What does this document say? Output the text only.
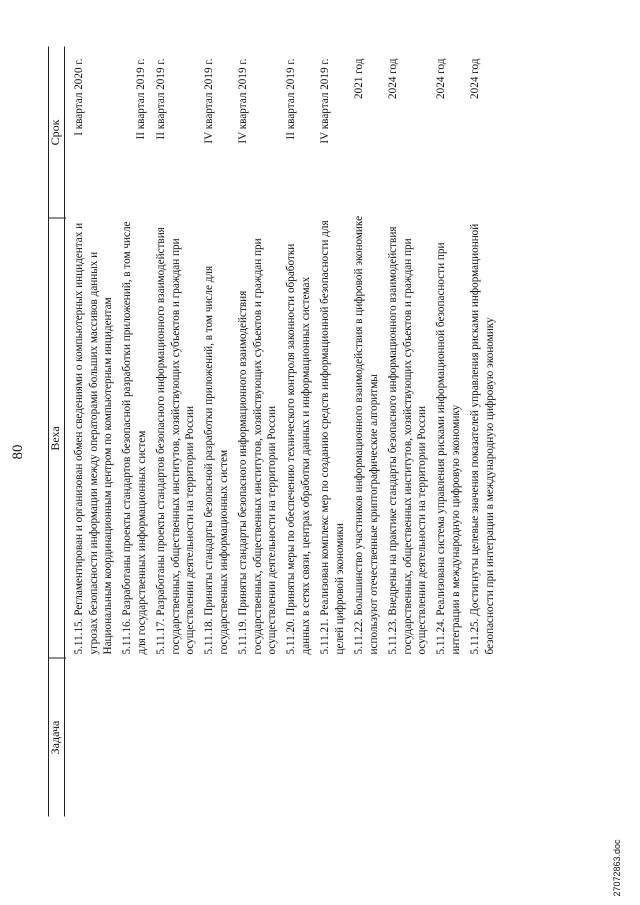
80
Задача
Веха
Срок
5.11.15. Регламентирован и организован обмен сведениями о компьютерных инцидентах и угрозах безопасности информации между операторами больших массивов данных и Национальным координационным центром по компьютерным инцидентам
I квартал 2020 г.
5.11.16. Разработаны проекты стандартов безопасной разработки приложений, в том числе для государственных информационных систем
II квартал 2019 г.
5.11.17. Разработаны проекты стандартов безопасного информационного взаимодействия государственных, общественных институтов, хозяйствующих субъектов и граждан при осуществлении деятельности на территории России
II квартал 2019 г.
5.11.18. Приняты стандарты безопасной разработки приложений, в том числе для государственных информационных систем
IV квартал 2019 г.
5.11.19. Приняты стандарты безопасного информационного взаимодействия государственных, общественных институтов, хозяйствующих субъектов и граждан при осуществлении деятельности на территории России
IV квартал 2019 г.
5.11.20. Приняты меры по обеспечению технического контроля законности обработки данных в сетях связи, центрах обработки данных и информационных системах
II квартал 2019 г.
5.11.21. Реализован комплекс мер по созданию средств информационной безопасности для целей цифровой экономики
IV квартал 2019 г.
5.11.22. Большинство участников информационного взаимодействия в цифровой экономике используют отечественные криптографические алгоритмы
2021 год
5.11.23. Внедрены на практике стандарты безопасного информационного взаимодействия государственных, общественных институтов, хозяйствующих субъектов и граждан при осуществлении деятельности на территории России
2024 год
5.11.24. Реализована система управления рисками информационной безопасности при интеграции в международную цифровую экономику
2024 год
5.11.25. Достигнуты целевые значения показателей управления рисками информационной безопасности при интеграции в международную цифровую экономику
2024 год
27072863.doc
